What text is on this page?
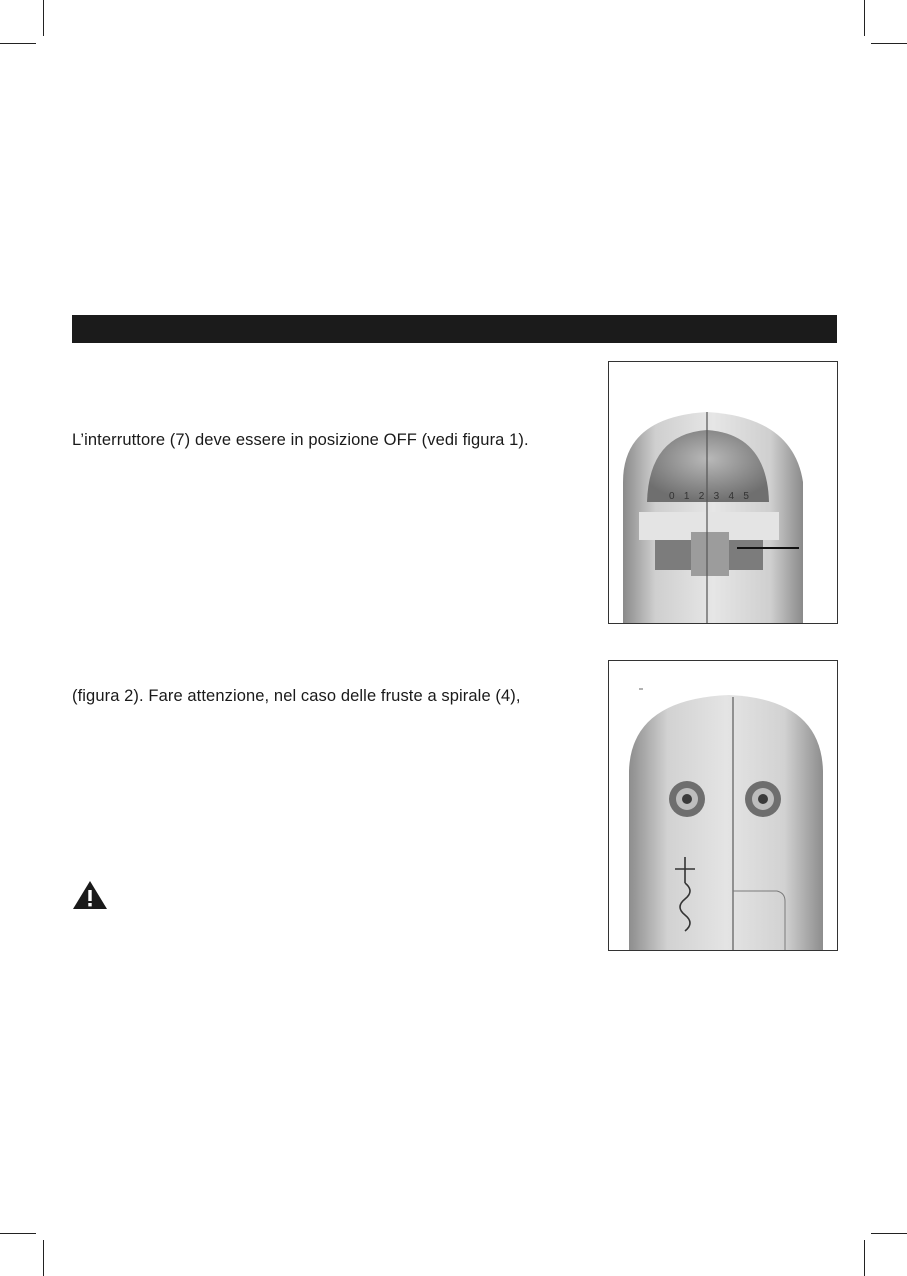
L’interruttore (7) deve essere in posizione OFF (vedi figura 1).
(figura 2). Fare attenzione, nel caso delle fruste a spirale (4),
0 1 2 3 4 5
